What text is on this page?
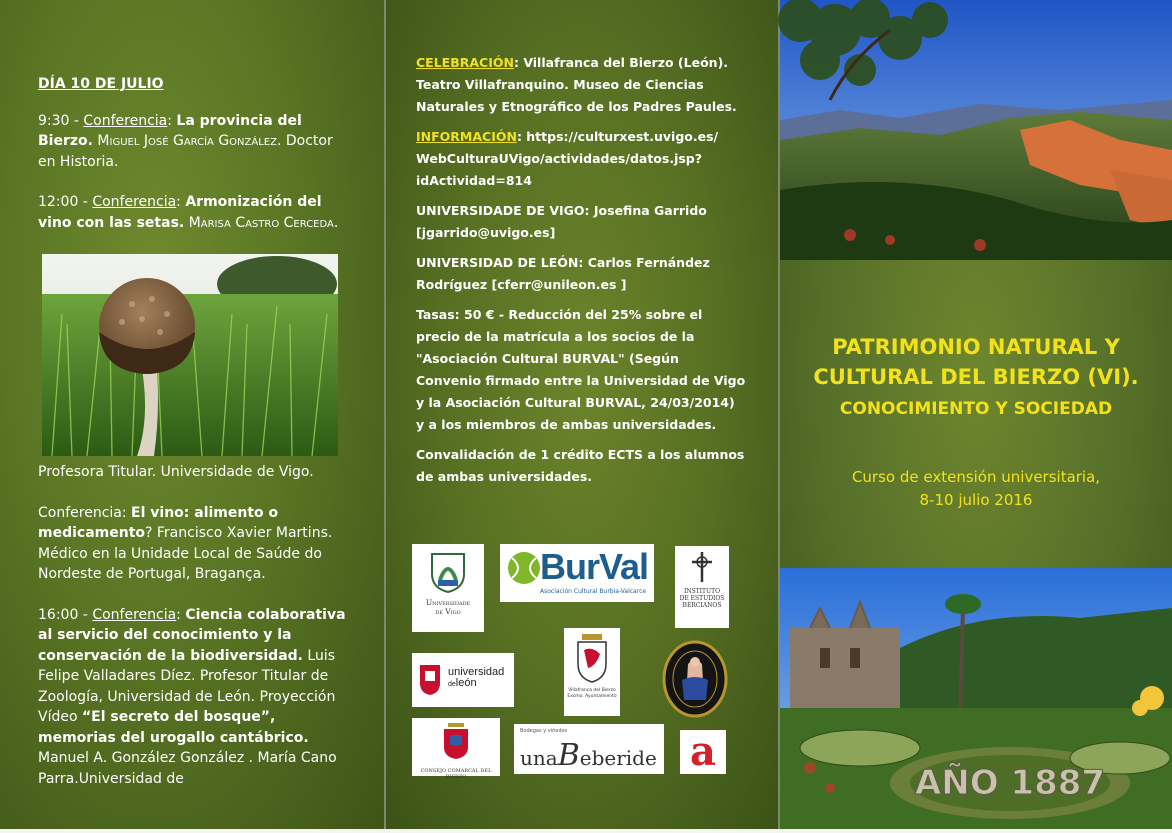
DÍA 10 DE JULIO

9:30 - Conferencia: La provincia del Bierzo. Miguel José García González. Doctor en Historia.

12:00 - Conferencia: Armonización del vino con las setas. Marisa Castro Cerceda.

Profesora Titular. Universidade de Vigo.

Conferencia: El vino: alimento o medicamento? Francisco Xavier Martins. Médico en la Unidade Local de Saúde do Nordeste de Portugal, Bragança.

16:00 - Conferencia: Ciencia colaborativa al servicio del conocimiento y la conservación de la biodiversidad. Luis Felipe Valladares Díez. Profesor Titular de Zoología, Universidad de León. Proyección Vídeo “El secreto del bosque”, memorias del urogallo cantábrico. Manuel A. González González . María Cano Parra.Universidad de

CELEBRACIÓN: Villafranca del Bierzo (León). Teatro Villafranquino. Museo de Ciencias Naturales y Etnográfico de los Padres Paules.

INFORMACIÓN: https://culturxest.uvigo.es/ WebCulturaUVigo/actividades/datos.jsp? idActividad=814

UNIVERSIDADE DE VIGO: Josefina Garrido [jgarrido@uvigo.es]

UNIVERSIDAD DE LEÓN: Carlos Fernández Rodríguez [cferr@unileon.es ]

Tasas: 50 € - Reducción del 25% sobre el precio de la matrícula a los socios de la "Asociación Cultural BURVAL" (Según Convenio firmado entre la Universidad de Vigo y la Asociación Cultural BURVAL, 24/03/2014) y a los miembros de ambas universidades.

Convalidación de 1 crédito ECTS a los alumnos de ambas universidades.

Universidade
de Vigo
BurVal
Asociación Cultural Burbia-Valcarce	INSTITUTO
DE ESTUDIOS
BERCIANOS
universidad
deleón
Villafranca del Bierzo
Excmo. Ayuntamiento
CONSEJO COMARCAL DEL BIERZO
Bodegas y viñedos
unaBeberide a
PATRIMONIO NATURAL Y
CULTURAL DEL BIERZO (VI).
CONOCIMIENTO Y SOCIEDAD
Curso de extensión universitaria,
8-10 julio 2016
AÑO 1887
